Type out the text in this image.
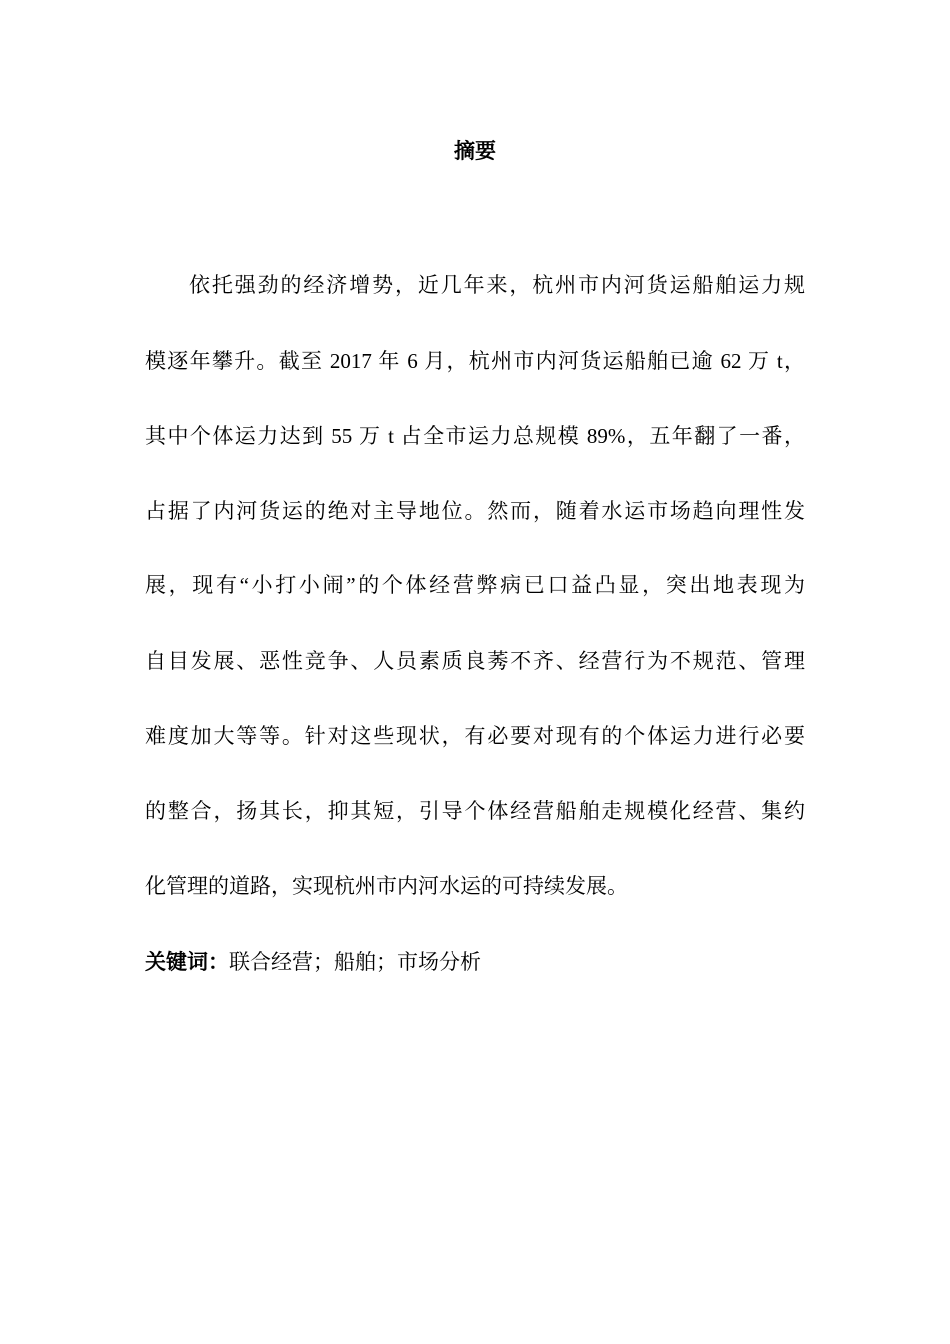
摘要
依托强劲的经济增势，近几年来，杭州市内河货运船舶运力规
模逐年攀升。截至 2017 年 6 月，杭州市内河货运船舶已逾 62 万 t，
其中个体运力达到 55 万 t 占全市运力总规模 89%，五年翻了一番，
占据了内河货运的绝对主导地位。然而，随着水运市场趋向理性发
展，现有“小打小闹”的个体经营弊病已口益凸显，突出地表现为
自目发展、恶性竞争、人员素质良莠不齐、经营行为不规范、管理
难度加大等等。针对这些现状，有必要对现有的个体运力进行必要
的整合，扬其长，抑其短，引导个体经营船舶走规模化经营、集约
化管理的道路，实现杭州市内河水运的可持续发展。
关键词：联合经营；船舶；市场分析
